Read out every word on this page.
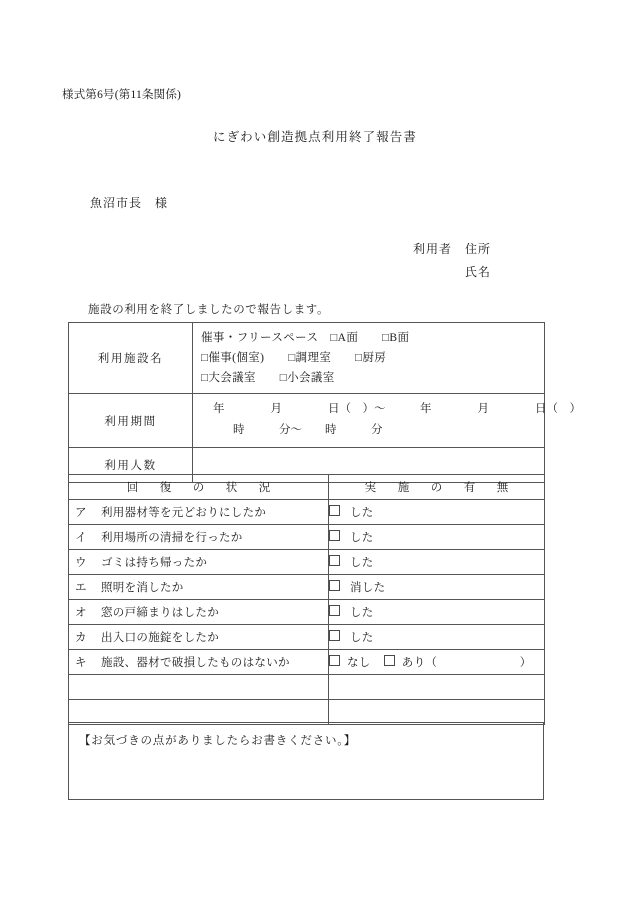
様式第6号(第11条関係)
にぎわい創造拠点利用終了報告書
魚沼市長　様
利用者　住所
氏名
施設の利用を終了しましたので報告します。
利用施設名	催事・フリースペース　□A面　　□B面
□催事(個室)　　□調理室　　□厨房
□大会議室　　□小会議室

利用期間	年　　　　月　　　　日（　）～　　　年　　　　月　　　　日（　）
時　　　分～　　時　　　分

利用人数	
回　復　の　状　況	実　施　の　有　無
ア 利用器材等を元どおりにしたか	した
イ 利用場所の清掃を行ったか	した
ウ ゴミは持ち帰ったか	した
エ 照明を消したか	消した
オ 窓の戸締まりはしたか	した
カ 出入口の施錠をしたか	した
キ 施設、器材で破損したものはないか	なし あり（　　　　　　　）

【お気づきの点がありましたらお書きください。】
